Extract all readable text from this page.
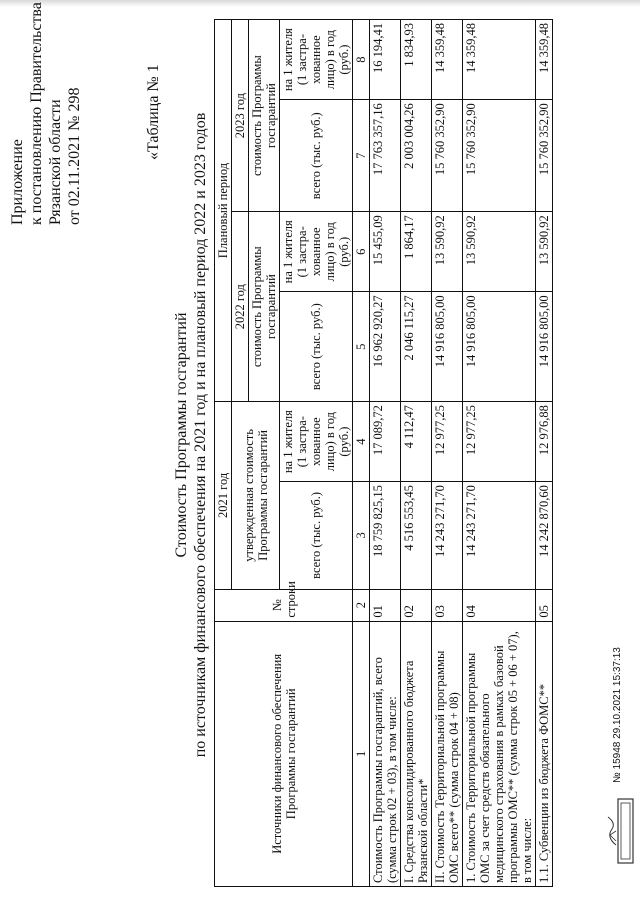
Приложение к постановлению Правительства Рязанской области от 02.11.2021 № 298	«Таблица № 1
Стоимость Программы госгарантий по источникам финансового обеспечения на 2021 год и на плановый период 2022 и 2023 годов	Источники финансового обеспечения Программы госгарантий	№ строки	2021 год		Плановый период			
		утвержденная стоимость Программы госгарантий		2022 год		2023 год	
				стоимость Программы госгарантий		стоимость Программы госгарантий	
		всего (тыс. руб.)	на 1 жителя (1 застра-хованное лицо) в год (руб.)	всего (тыс. руб.)	на 1 жителя (1 застра-хованное лицо) в год (руб.)	всего (тыс. руб.)	на 1 жителя (1 застра-хованное лицо) в год (руб.)
1	2	3	4	5	6	7	8
Стоимость Программы госгарантий, всего (сумма строк 02 + 03), в том числе:	01	18 759 825,15	17 089,72	16 962 920,27	15 455,09	17 763 357,16	16 194,41
I. Средства консолидированного бюджета Рязанской области*	02	4 516 553,45	4 112,47	2 046 115,27	1 864,17	2 003 004,26	1 834,93
II. Стоимость Территориальной программы ОМС всего** (сумма строк 04 + 08)	03	14 243 271,70	12 977,25	14 916 805,00	13 590,92	15 760 352,90	14 359,48
1. Стоимость Территориальной программы ОМС за счет средств обязательного медицинского страхования в рамках базовой программы ОМС** (сумма строк 05 + 06 + 07), в том числе:	04	14 243 271,70	12 977,25	14 916 805,00	13 590,92	15 760 352,90	14 359,48
1.1. Субвенции из бюджета ФОМС**	05	14 242 870,60	12 976,88	14 916 805,00	13 590,92	15 760 352,90	14 359,48
№ 15948 29.10.2021 15:37:13
